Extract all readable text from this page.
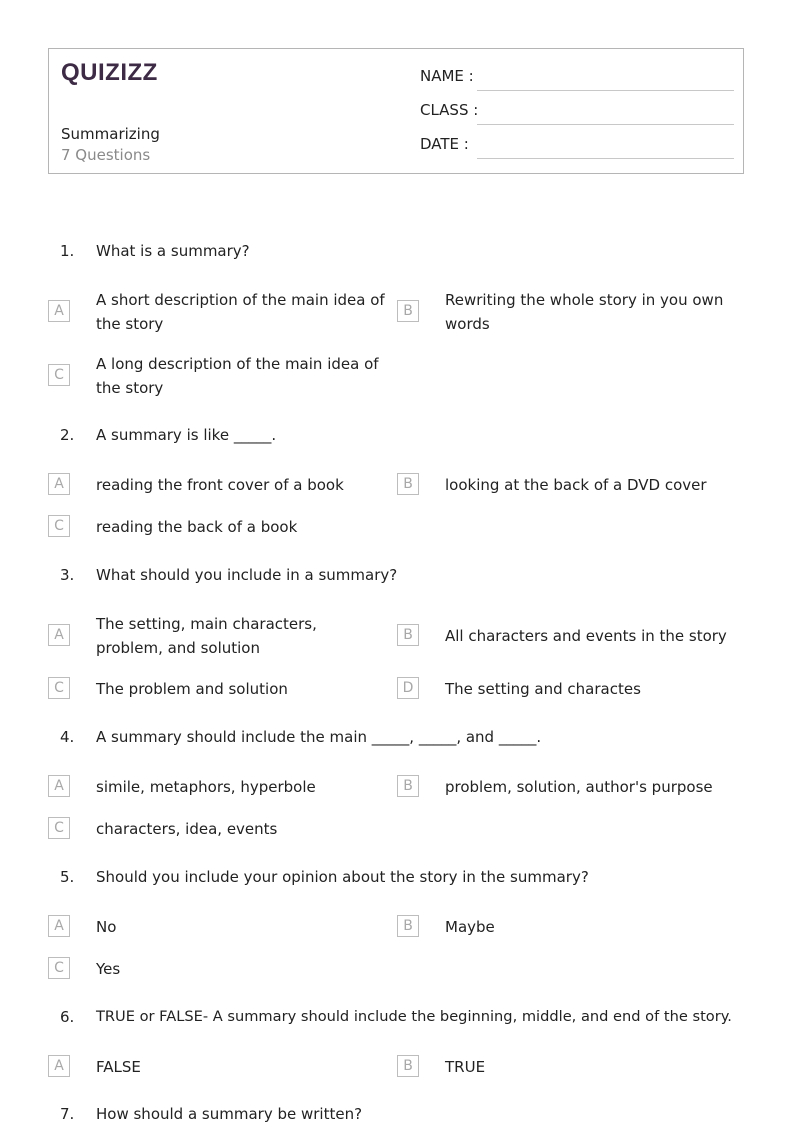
QUIZIZZ
Summarizing
7 Questions
NAME :
CLASS :
DATE :
1. What is a summary?
A
A short description of the main idea of the story
B
Rewriting the whole story in you own words
C
A long description of the main idea of the story
2. A summary is like _____.
A	reading the front cover of a book	B	looking at the back of a DVD cover
C	reading the back of a book
3. What should you include in a summary?
A
The setting, main characters, problem, and solution
B	All characters and events in the story
C	The problem and solution	D	The setting and charactes
4. A summary should include the main _____, _____, and _____.
A	simile, metaphors, hyperbole	B	problem, solution, author's purpose
C	characters, idea, events
5. Should you include your opinion about the story in the summary?
A	No	B	Maybe
C	Yes
6. TRUE or FALSE- A summary should include the beginning, middle, and end of the story.
A	FALSE	B	TRUE
7. How should a summary be written?
